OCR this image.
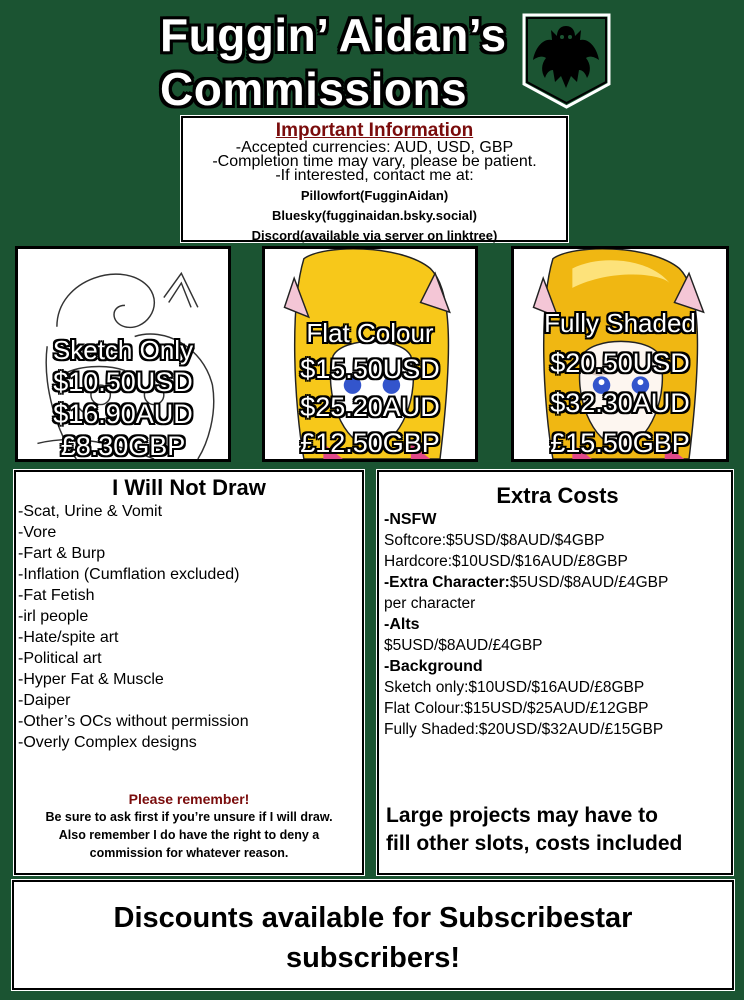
Fuggin’ Aidan’s
Commissions
Important Information
-Accepted currencies: AUD, USD, GBP
-Completion time may vary, please be patient.
-If interested, contact me at:
Pillowfort(FugginAidan)
Bluesky(fugginaidan.bsky.social)
Discord(available via server on linktree)
Sketch Only
$10.50USD
$16.90AUD
£8.30GBP
Flat Colour
$15.50USD
$25.20AUD
£12.50GBP
Fully Shaded
$20.50USD
$32.30AUD
£15.50GBP
I Will Not Draw
-Scat, Urine & Vomit
-Vore
-Fart & Burp
-Inflation (Cumflation excluded)
-Fat Fetish
-irl people
-Hate/spite art
-Political art
-Hyper Fat & Muscle
-Daiper
-Other’s OCs without permission
-Overly Complex designs
Please remember!
Be sure to ask first if you’re unsure if I will draw.
Also remember I do have the right to deny a
commission for whatever reason.
Extra Costs
-NSFW
Softcore:$5USD/$8AUD/$4GBP
Hardcore:$10USD/$16AUD/£8GBP
-Extra Character:$5USD/$8AUD/£4GBP
per character
-Alts
$5USD/$8AUD/£4GBP
-Background
Sketch only:$10USD/$16AUD/£8GBP
Flat Colour:$15USD/$25AUD/£12GBP
Fully Shaded:$20USD/$32AUD/£15GBP
Large projects may have to
fill other slots, costs included
Discounts available for Subscribestar
subscribers!
